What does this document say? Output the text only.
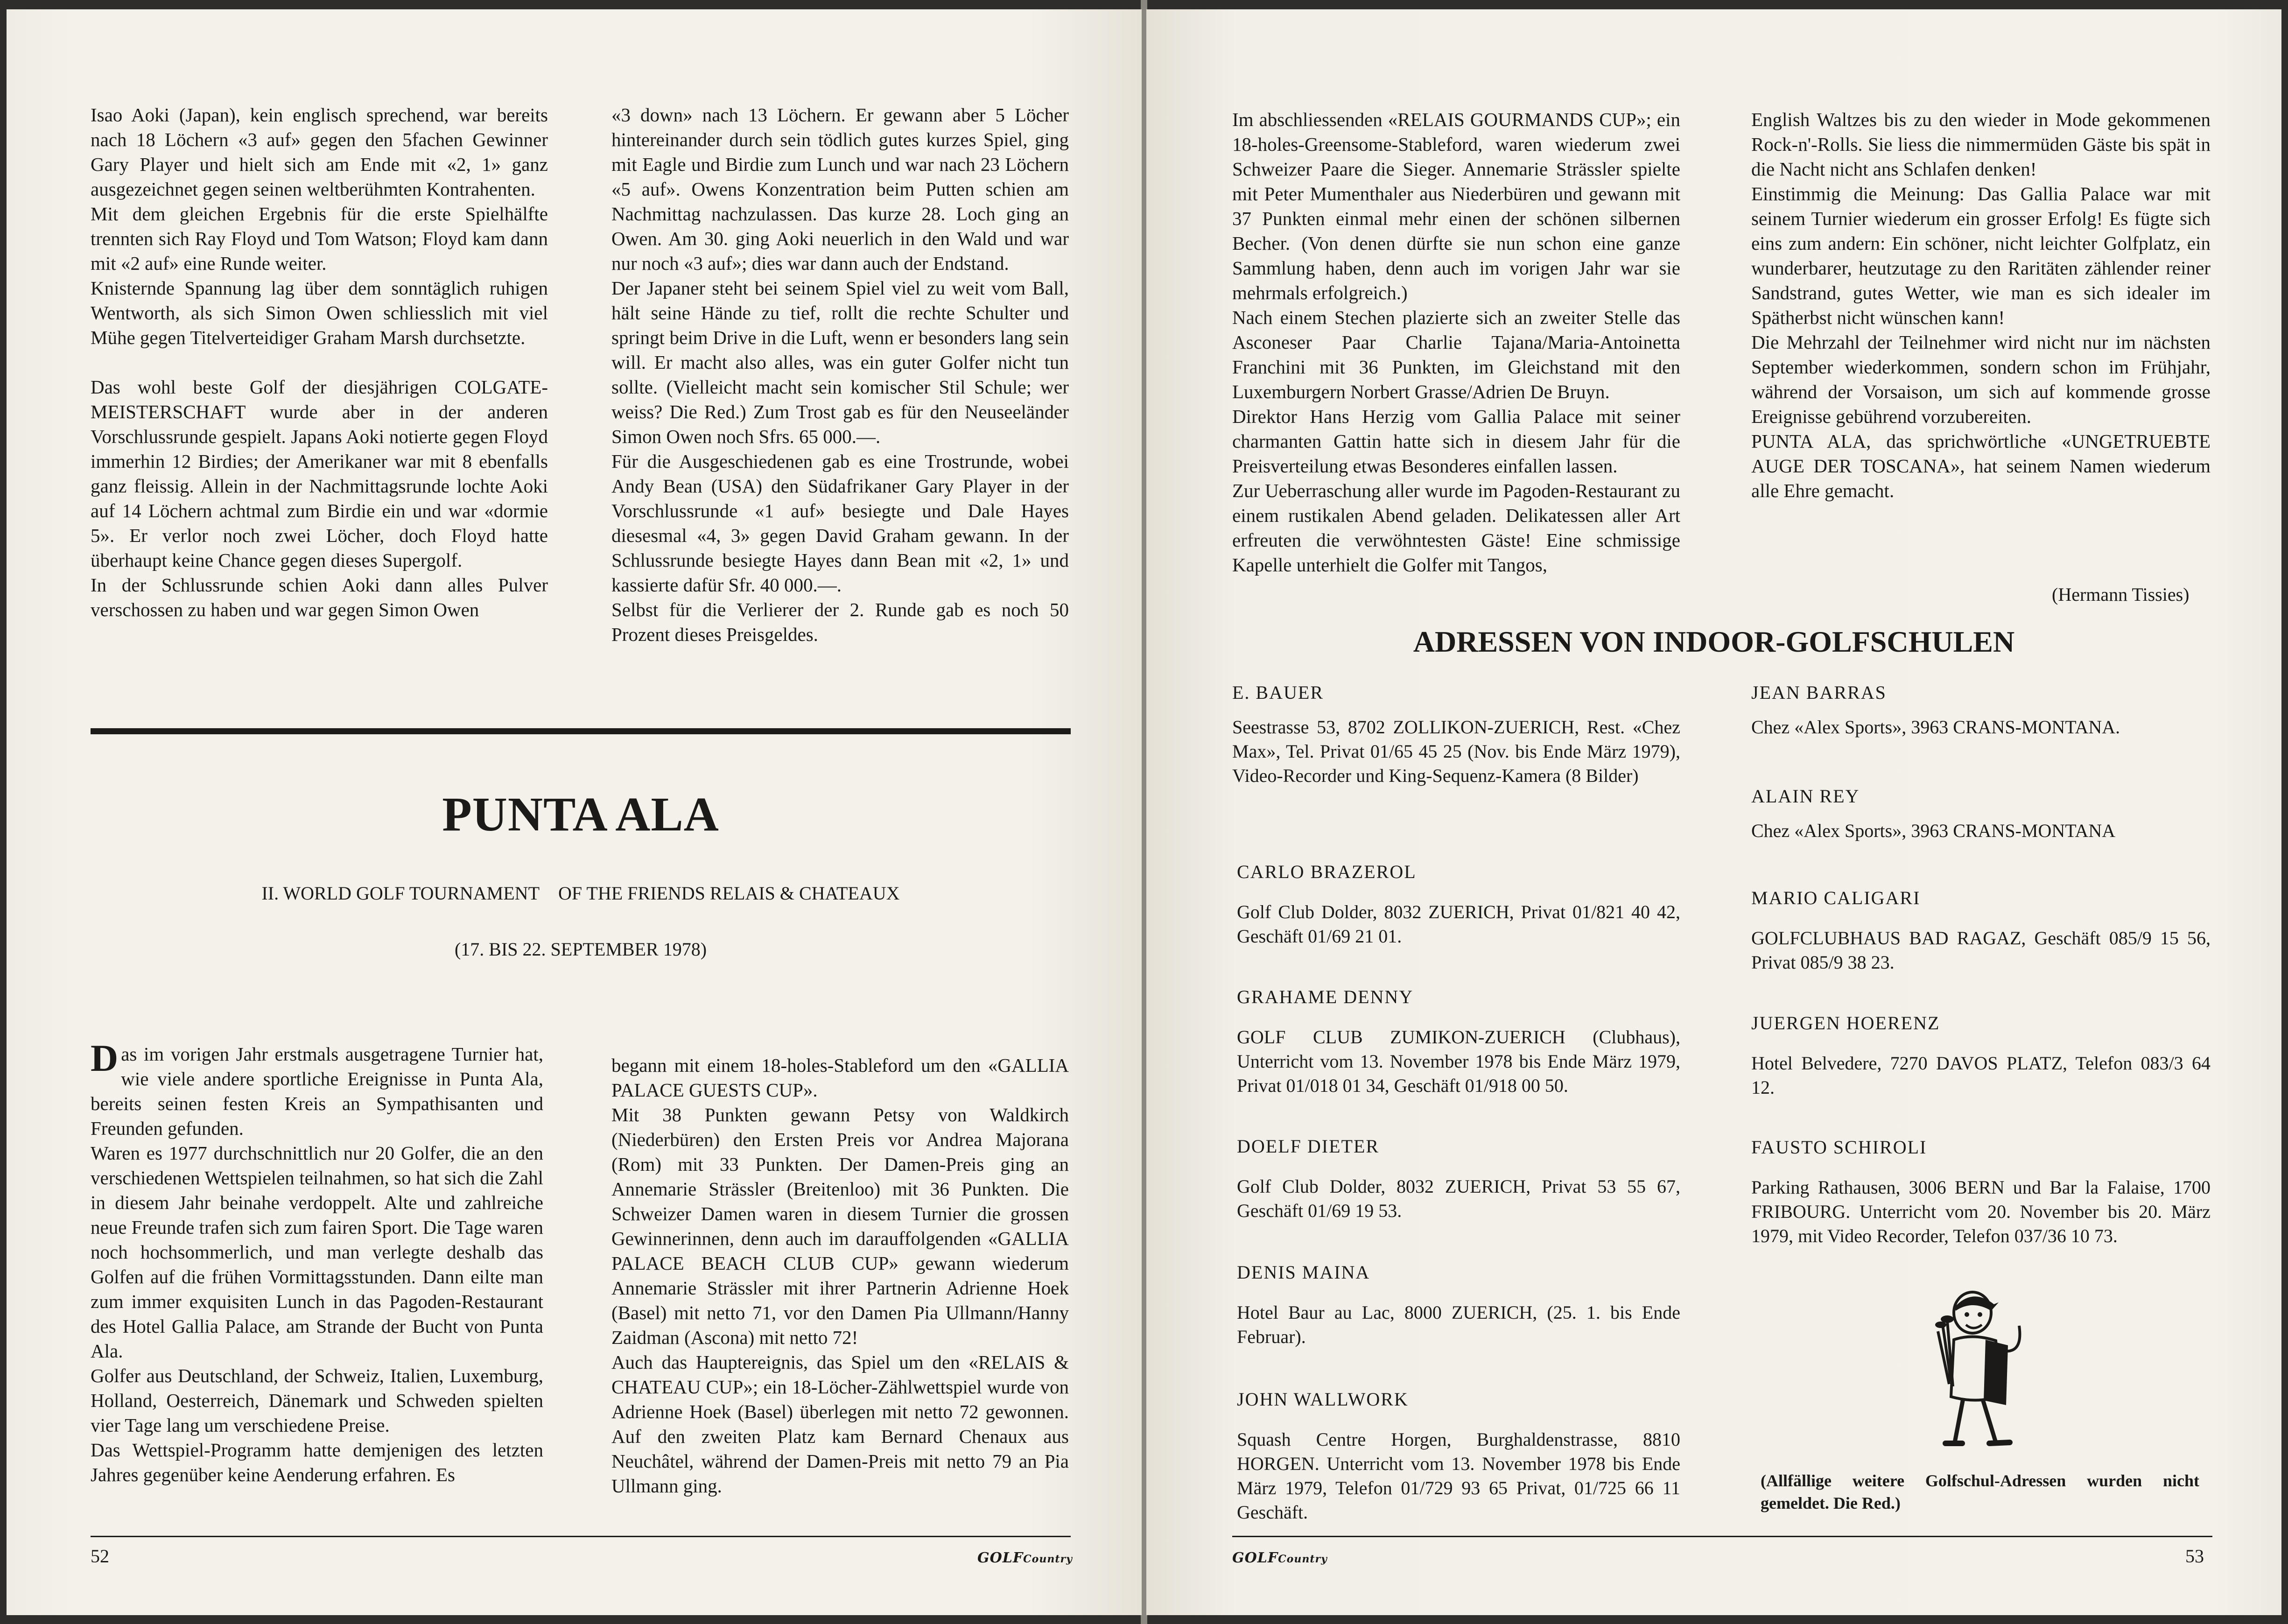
Isao Aoki (Japan), kein englisch sprechend, war bereits nach 18 Löchern «3 auf» gegen den 5fachen Gewinner Gary Player und hielt sich am Ende mit «2, 1» ganz ausgezeichnet gegen seinen weltberühmten Kontrahenten.

Mit dem gleichen Ergebnis für die erste Spielhälfte trennten sich Ray Floyd und Tom Watson; Floyd kam dann mit «2 auf» eine Runde weiter.

Knisternde Spannung lag über dem sonntäglich ruhigen Wentworth, als sich Simon Owen schliesslich mit viel Mühe gegen Titelverteidiger Graham Marsh durchsetzte.

Das wohl beste Golf der diesjährigen COLGATE-MEISTERSCHAFT wurde aber in der anderen Vorschlussrunde gespielt. Japans Aoki notierte gegen Floyd immerhin 12 Birdies; der Amerikaner war mit 8 ebenfalls ganz fleissig. Allein in der Nachmittagsrunde lochte Aoki auf 14 Löchern achtmal zum Birdie ein und war «dormie 5». Er verlor noch zwei Löcher, doch Floyd hatte überhaupt keine Chance gegen dieses Supergolf.

In der Schlussrunde schien Aoki dann alles Pulver verschossen zu haben und war gegen Simon Owen

«3 down» nach 13 Löchern. Er gewann aber 5 Löcher hintereinander durch sein tödlich gutes kurzes Spiel, ging mit Eagle und Birdie zum Lunch und war nach 23 Löchern «5 auf». Owens Konzentration beim Putten schien am Nachmittag nachzulassen. Das kurze 28. Loch ging an Owen. Am 30. ging Aoki neuerlich in den Wald und war nur noch «3 auf»; dies war dann auch der Endstand.

Der Japaner steht bei seinem Spiel viel zu weit vom Ball, hält seine Hände zu tief, rollt die rechte Schulter und springt beim Drive in die Luft, wenn er besonders lang sein will. Er macht also alles, was ein guter Golfer nicht tun sollte. (Vielleicht macht sein komischer Stil Schule; wer weiss? Die Red.) Zum Trost gab es für den Neuseeländer Simon Owen noch Sfrs. 65 000.—.

Für die Ausgeschiedenen gab es eine Trostrunde, wobei Andy Bean (USA) den Südafrikaner Gary Player in der Vorschlussrunde «1 auf» besiegte und Dale Hayes diesesmal «4, 3» gegen David Graham gewann. In der Schlussrunde besiegte Hayes dann Bean mit «2, 1» und kassierte dafür Sfr. 40 000.—.

Selbst für die Verlierer der 2. Runde gab es noch 50 Prozent dieses Preisgeldes.

PUNTA ALA
II. WORLD GOLF TOURNAMENT OF THE FRIENDS RELAIS & CHATEAUX
(17. BIS 22. SEPTEMBER 1978)

Das im vorigen Jahr erstmals ausgetragene Turnier hat, wie viele andere sportliche Ereignisse in Punta Ala, bereits seinen festen Kreis an Sympathisanten und Freunden gefunden.

Waren es 1977 durchschnittlich nur 20 Golfer, die an den verschiedenen Wettspielen teilnahmen, so hat sich die Zahl in diesem Jahr beinahe verdoppelt. Alte und zahlreiche neue Freunde trafen sich zum fairen Sport. Die Tage waren noch hochsommerlich, und man verlegte deshalb das Golfen auf die frühen Vormittagsstunden. Dann eilte man zum immer exquisiten Lunch in das Pagoden-Restaurant des Hotel Gallia Palace, am Strande der Bucht von Punta Ala.

Golfer aus Deutschland, der Schweiz, Italien, Luxemburg, Holland, Oesterreich, Dänemark und Schweden spielten vier Tage lang um verschiedene Preise.

Das Wettspiel-Programm hatte demjenigen des letzten Jahres gegenüber keine Aenderung erfahren. Es

begann mit einem 18-holes-Stableford um den «GALLIA PALACE GUESTS CUP».

Mit 38 Punkten gewann Petsy von Waldkirch (Niederbüren) den Ersten Preis vor Andrea Majorana (Rom) mit 33 Punkten. Der Damen-Preis ging an Annemarie Strässler (Breitenloo) mit 36 Punkten. Die Schweizer Damen waren in diesem Turnier die grossen Gewinnerinnen, denn auch im darauffolgenden «GALLIA PALACE BEACH CLUB CUP» gewann wiederum Annemarie Strässler mit ihrer Partnerin Adrienne Hoek (Basel) mit netto 71, vor den Damen Pia Ullmann/Hanny Zaidman (Ascona) mit netto 72!

Auch das Hauptereignis, das Spiel um den «RELAIS & CHATEAU CUP»; ein 18-Löcher-Zählwettspiel wurde von Adrienne Hoek (Basel) überlegen mit netto 72 gewonnen. Auf den zweiten Platz kam Bernard Chenaux aus Neuchâtel, während der Damen-Preis mit netto 79 an Pia Ullmann ging.

52	GOLFCountry

Im abschliessenden «RELAIS GOURMANDS CUP»; ein 18-holes-Greensome-Stableford, waren wiederum zwei Schweizer Paare die Sieger. Annemarie Strässler spielte mit Peter Mumenthaler aus Niederbüren und gewann mit 37 Punkten einmal mehr einen der schönen silbernen Becher. (Von denen dürfte sie nun schon eine ganze Sammlung haben, denn auch im vorigen Jahr war sie mehrmals erfolgreich.)

Nach einem Stechen plazierte sich an zweiter Stelle das Asconeser Paar Charlie Tajana/Maria-Antoinetta Franchini mit 36 Punkten, im Gleichstand mit den Luxemburgern Norbert Grasse/Adrien De Bruyn.

Direktor Hans Herzig vom Gallia Palace mit seiner charmanten Gattin hatte sich in diesem Jahr für die Preisverteilung etwas Besonderes einfallen lassen.

Zur Ueberraschung aller wurde im Pagoden-Restaurant zu einem rustikalen Abend geladen. Delikatessen aller Art erfreuten die verwöhntesten Gäste! Eine schmissige Kapelle unterhielt die Golfer mit Tangos,

English Waltzes bis zu den wieder in Mode gekommenen Rock-n'-Rolls. Sie liess die nimmermüden Gäste bis spät in die Nacht nicht ans Schlafen denken!

Einstimmig die Meinung: Das Gallia Palace war mit seinem Turnier wiederum ein grosser Erfolg! Es fügte sich eins zum andern: Ein schöner, nicht leichter Golfplatz, ein wunderbarer, heutzutage zu den Raritäten zählender reiner Sandstrand, gutes Wetter, wie man es sich idealer im Spätherbst nicht wünschen kann!

Die Mehrzahl der Teilnehmer wird nicht nur im nächsten September wiederkommen, sondern schon im Frühjahr, während der Vorsaison, um sich auf kommende grosse Ereignisse gebührend vorzubereiten.

PUNTA ALA, das sprichwörtliche «UNGETRUEBTE AUGE DER TOSCANA», hat seinem Namen wiederum alle Ehre gemacht.

(Hermann Tissies)
ADRESSEN VON INDOOR-GOLFSCHULEN
E. BAUER
Seestrasse 53, 8702 ZOLLIKON-ZUERICH, Rest. «Chez Max», Tel. Privat 01/65 45 25 (Nov. bis Ende März 1979), Video-Recorder und King-Sequenz-Kamera (8 Bilder)
CARLO BRAZEROL
Golf Club Dolder, 8032 ZUERICH, Privat 01/821 40 42, Geschäft 01/69 21 01.
GRAHAME DENNY
GOLF CLUB ZUMIKON-ZUERICH (Clubhaus), Unterricht vom 13. November 1978 bis Ende März 1979, Privat 01/018 01 34, Geschäft 01/918 00 50.
DOELF DIETER
Golf Club Dolder, 8032 ZUERICH, Privat 53 55 67, Geschäft 01/69 19 53.
DENIS MAINA
Hotel Baur au Lac, 8000 ZUERICH, (25. 1. bis Ende Februar).
JOHN WALLWORK
Squash Centre Horgen, Burghaldenstrasse, 8810 HORGEN. Unterricht vom 13. November 1978 bis Ende März 1979, Telefon 01/729 93 65 Privat, 01/725 66 11 Geschäft.
JEAN BARRAS
Chez «Alex Sports», 3963 CRANS-MONTANA.
ALAIN REY
Chez «Alex Sports», 3963 CRANS-MONTANA
MARIO CALIGARI
GOLFCLUBHAUS BAD RAGAZ, Geschäft 085/9 15 56, Privat 085/9 38 23.
JUERGEN HOERENZ
Hotel Belvedere, 7270 DAVOS PLATZ, Telefon 083/3 64 12.
FAUSTO SCHIROLI
Parking Rathausen, 3006 BERN und Bar la Falaise, 1700 FRIBOURG. Unterricht vom 20. November bis 20. März 1979, mit Video Recorder, Telefon 037/36 10 73.
(Allfällige weitere Golfschul-Adressen wurden nicht gemeldet. Die Red.)
GOLFCountry	53
